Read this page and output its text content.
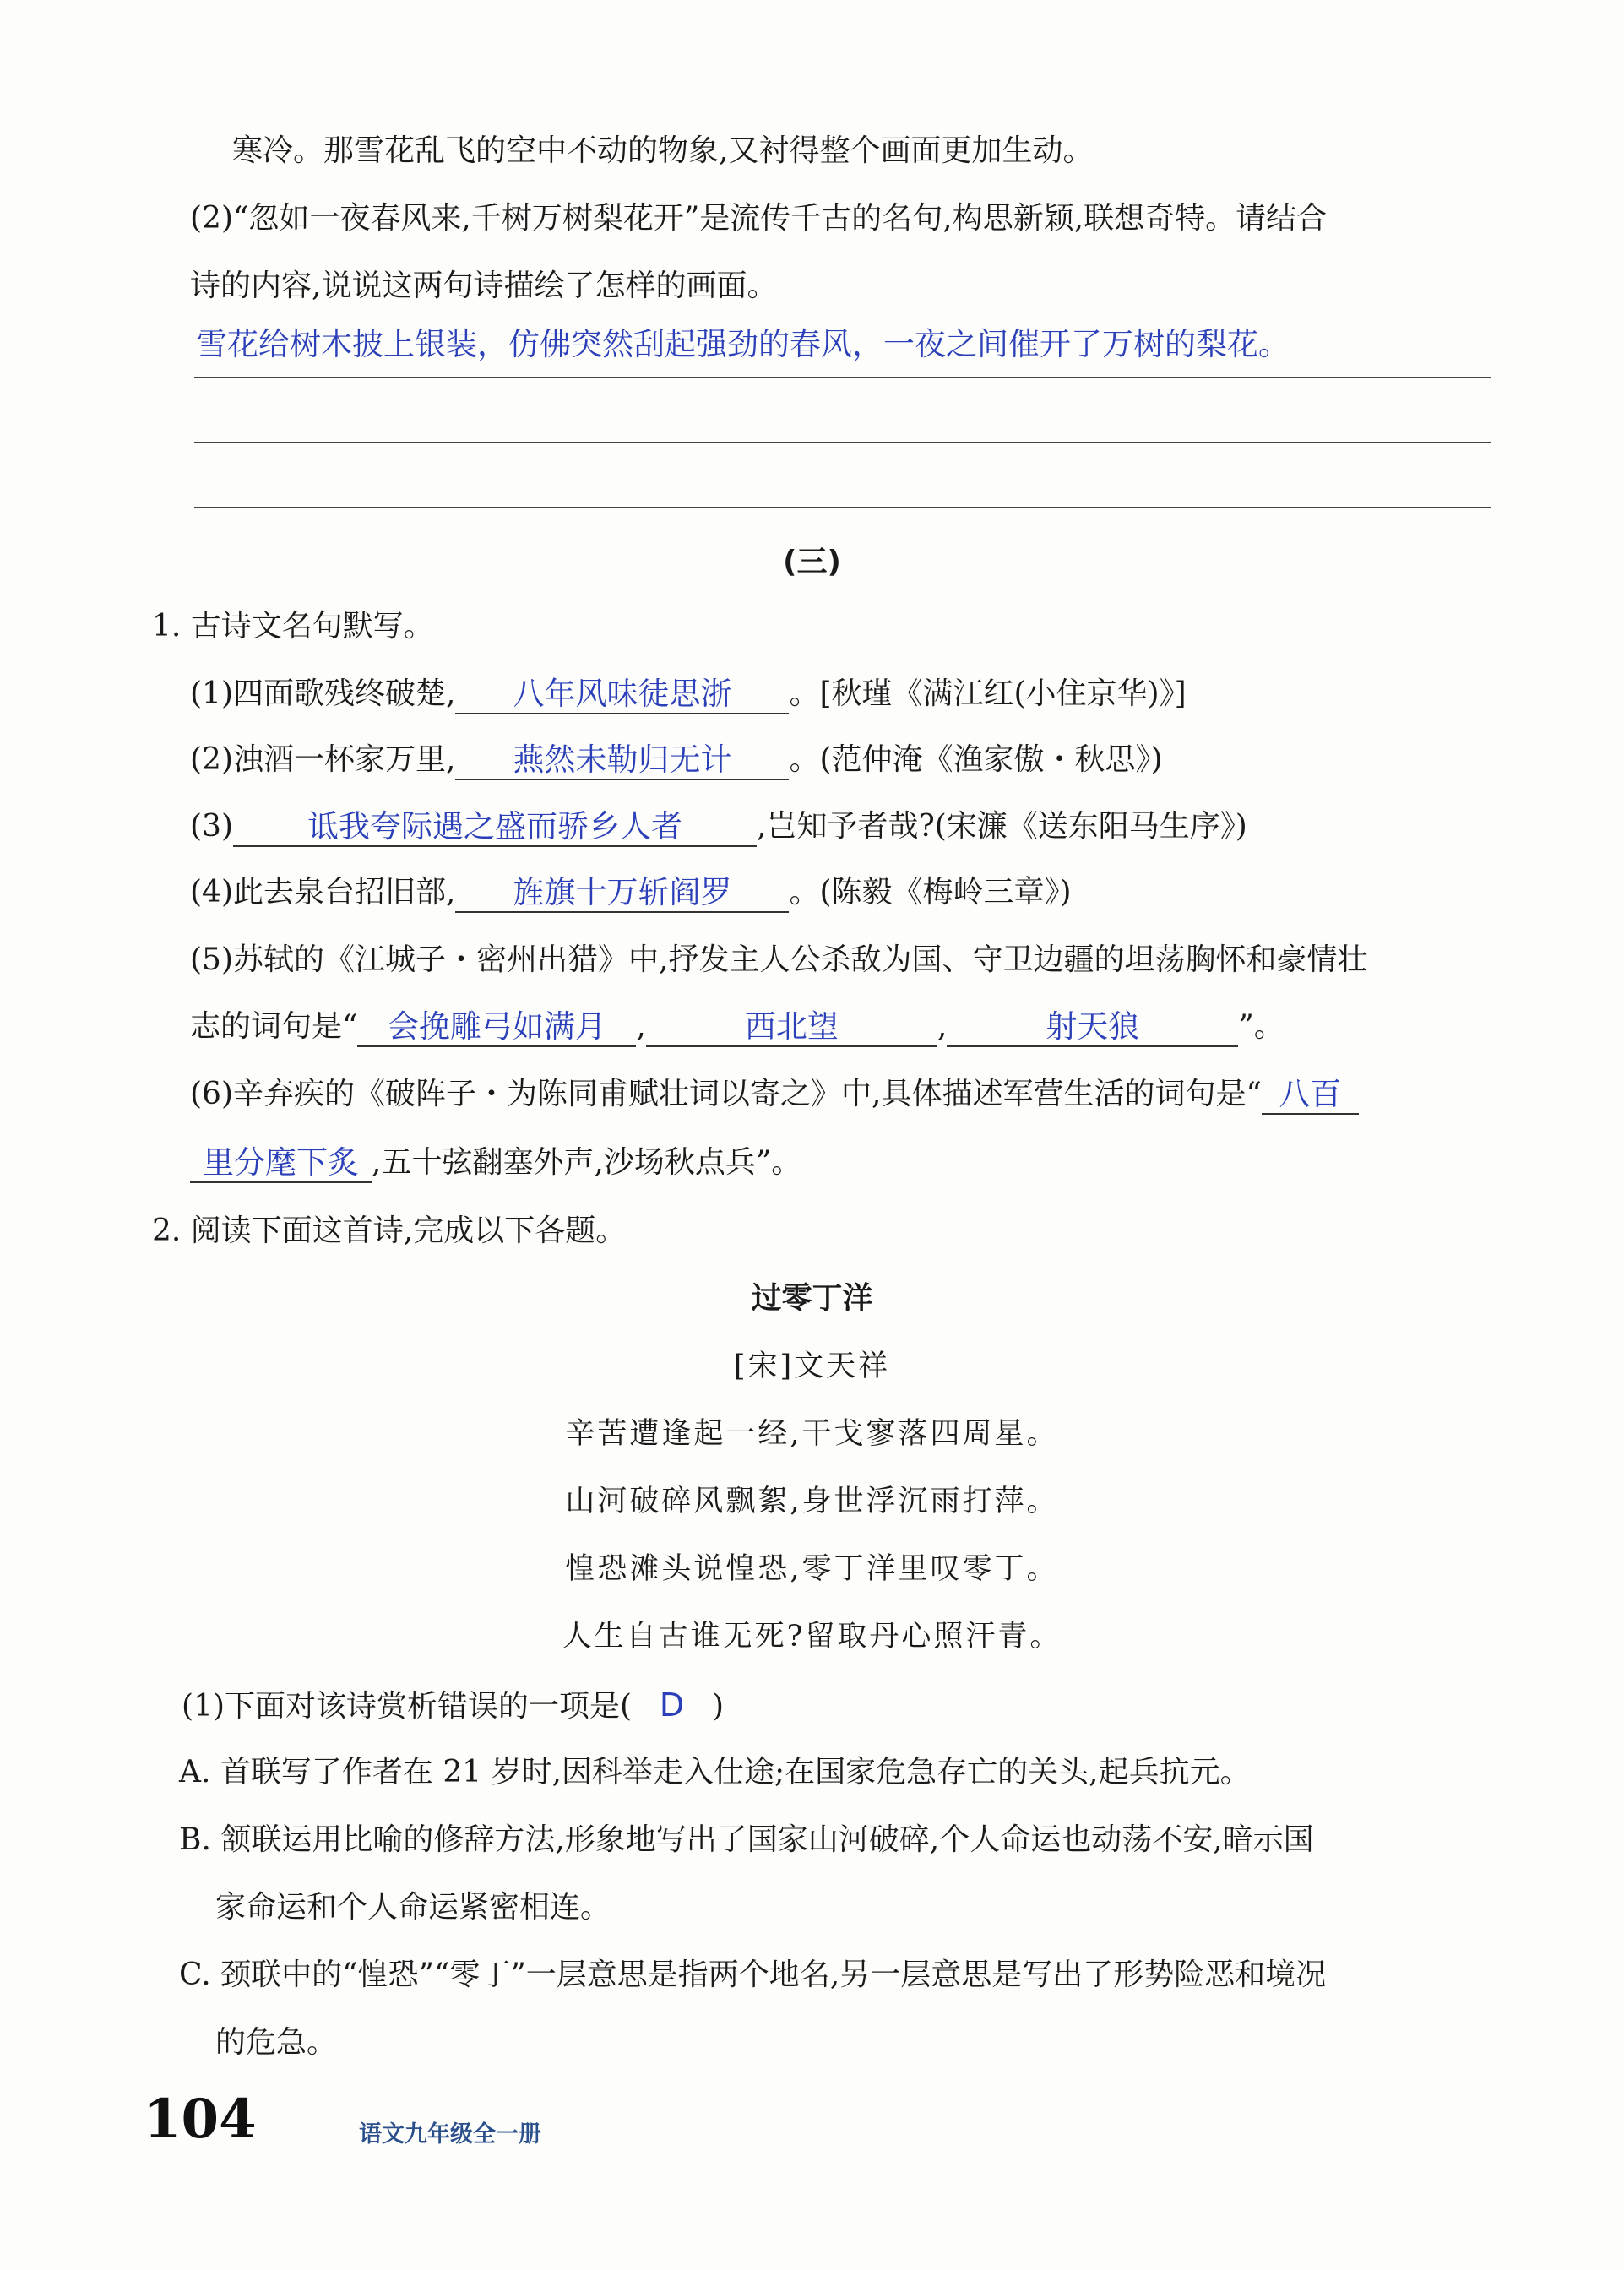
寒冷。那雪花乱飞的空中不动的物象,又衬得整个画面更加生动。
(2)“忽如一夜春风来,千树万树梨花开”是流传千古的名句,构思新颖,联想奇特。请结合
诗的内容,说说这两句诗描绘了怎样的画面。
雪花给树木披上银装，仿佛突然刮起强劲的春风，一夜之间催开了万树的梨花。
(三)
1. 古诗文名句默写。
(1)四面歌残终破楚, 八年风味徒思浙 。[秋瑾《满江红(小住京华)》]
(2)浊酒一杯家万里, 燕然未勒归无计 。(范仲淹《渔家傲・秋思》)
(3) 诋我夸际遇之盛而骄乡人者 ,岂知予者哉?(宋濂《送东阳马生序》)
(4)此去泉台招旧部, 旌旗十万斩阎罗 。(陈毅《梅岭三章》)
(5)苏轼的《江城子・密州出猎》中,抒发主人公杀敌为国、守卫边疆的坦荡胸怀和豪情壮
志的词句是“ 会挽雕弓如满月 ,	西北望	,	射天狼	”。
(6)辛弃疾的《破阵子・为陈同甫赋壮词以寄之》中,具体描述军营生活的词句是“ 八百
里分麾下炙 ,五十弦翻塞外声,沙场秋点兵”。
2. 阅读下面这首诗,完成以下各题。
过零丁洋
[宋]文天祥
辛苦遭逢起一经,干戈寥落四周星。
山河破碎风飘絮,身世浮沉雨打萍。
惶恐滩头说惶恐,零丁洋里叹零丁。
人生自古谁无死?留取丹心照汗青。
(1)下面对该诗赏析错误的一项是( D )
A. 首联写了作者在 21 岁时,因科举走入仕途;在国家危急存亡的关头,起兵抗元。
B. 颔联运用比喻的修辞方法,形象地写出了国家山河破碎,个人命运也动荡不安,暗示国
家命运和个人命运紧密相连。
C. 颈联中的“惶恐”“零丁”一层意思是指两个地名,另一层意思是写出了形势险恶和境况
的危急。
104	语文九年级全一册
